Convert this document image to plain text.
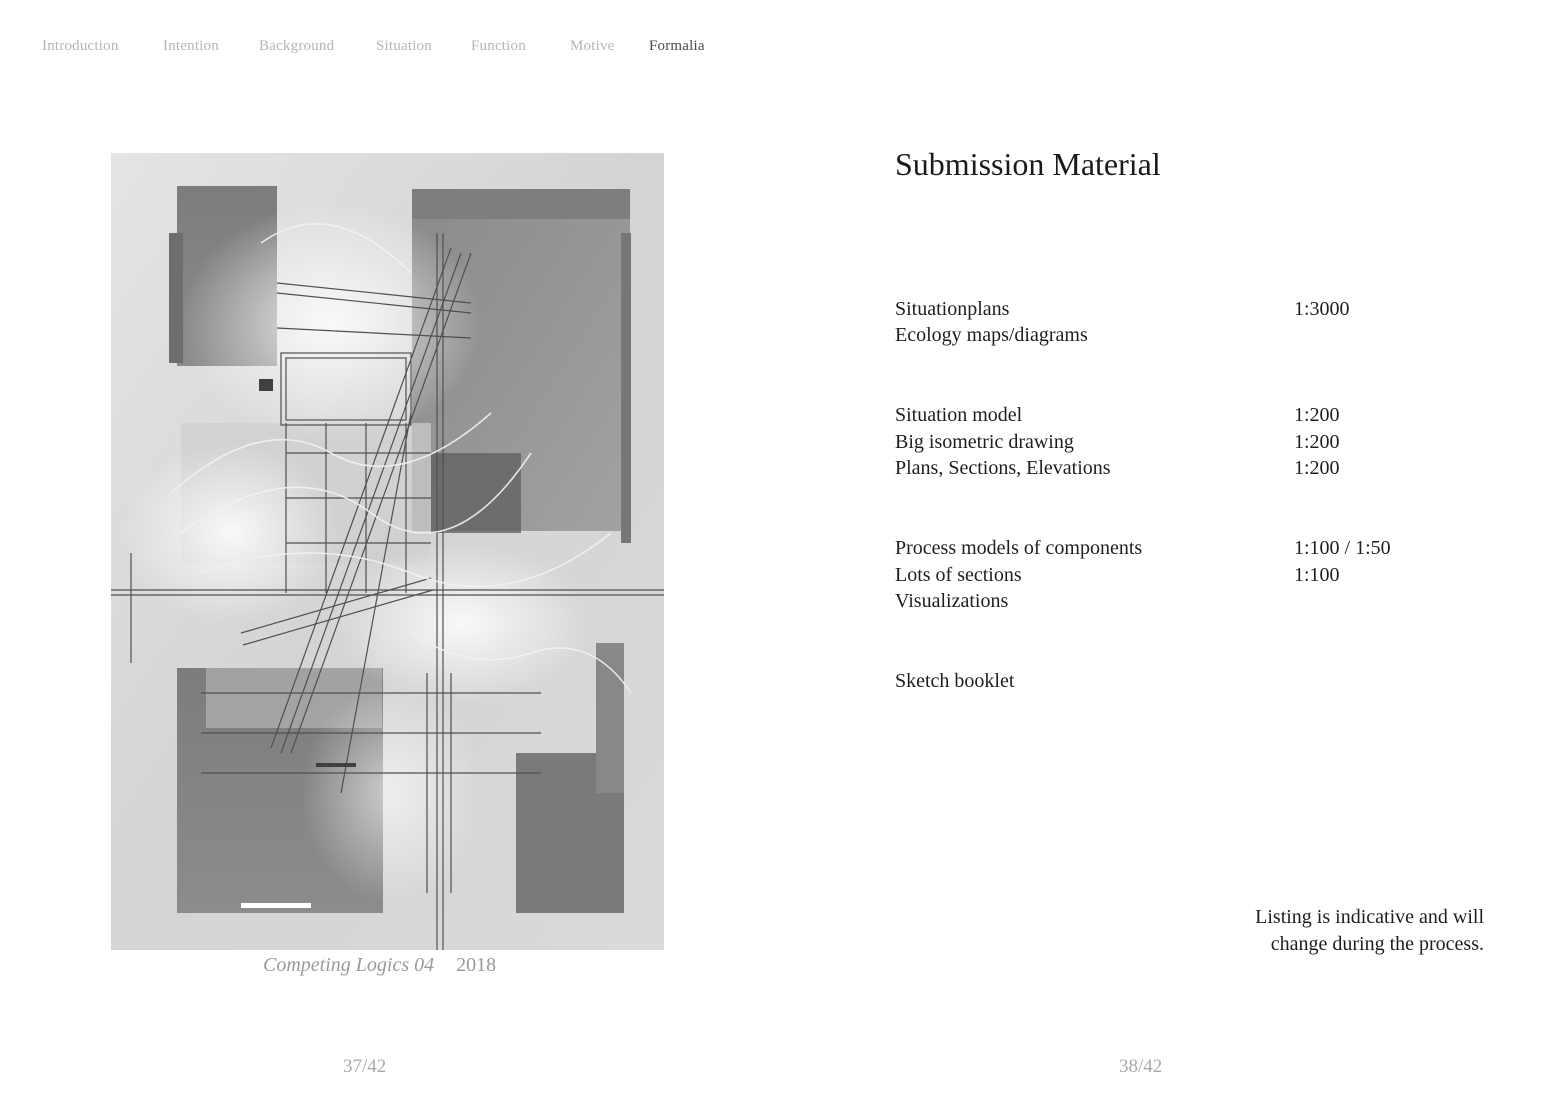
Introduction	Intention	Background	Situation	Function	Motive Formalia
Competing Logics 04 2018
37/42
Submission Material
Situationplans	1:3000
Ecology maps/diagrams
Situation model	1:200
Big isometric drawing	1:200
Plans, Sections, Elevations	1:200
Process models of components	1:100 / 1:50
Lots of sections	1:100
Visualizations
Sketch booklet
Listing is indicative and will
change during the process.
38/42
